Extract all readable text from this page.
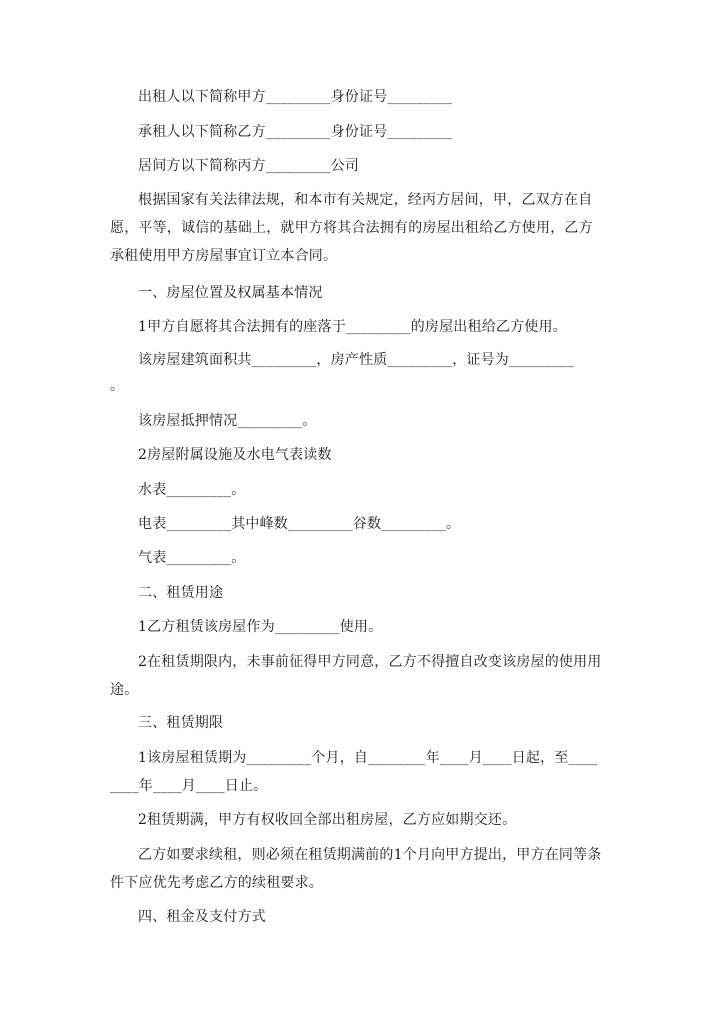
出租人以下简称甲方_________身份证号_________
承租人以下简称乙方_________身份证号_________
居间方以下简称丙方_________公司
根据国家有关法律法规，和本市有关规定，经丙方居间，甲，乙双方在自
愿，平等，诚信的基础上，就甲方将其合法拥有的房屋出租给乙方使用，乙方
承租使用甲方房屋事宜订立本合同。
一、房屋位置及权属基本情况
1甲方自愿将其合法拥有的座落于_________的房屋出租给乙方使用。
该房屋建筑面积共_________，房产性质_________，证号为_________
。
该房屋抵押情况_________。
2房屋附属设施及水电气表读数
水表_________。
电表_________其中峰数_________谷数_________。
气表_________。
二、租赁用途
1乙方租赁该房屋作为_________使用。
2在租赁期限内，未事前征得甲方同意，乙方不得擅自改变该房屋的使用用
途。
三、租赁期限
1该房屋租赁期为_________个月，自________年____月____日起，至____
____年____月____日止。
2租赁期满，甲方有权收回全部出租房屋，乙方应如期交还。
乙方如要求续租，则必须在租赁期满前的1个月向甲方提出，甲方在同等条
件下应优先考虑乙方的续租要求。
四、租金及支付方式
